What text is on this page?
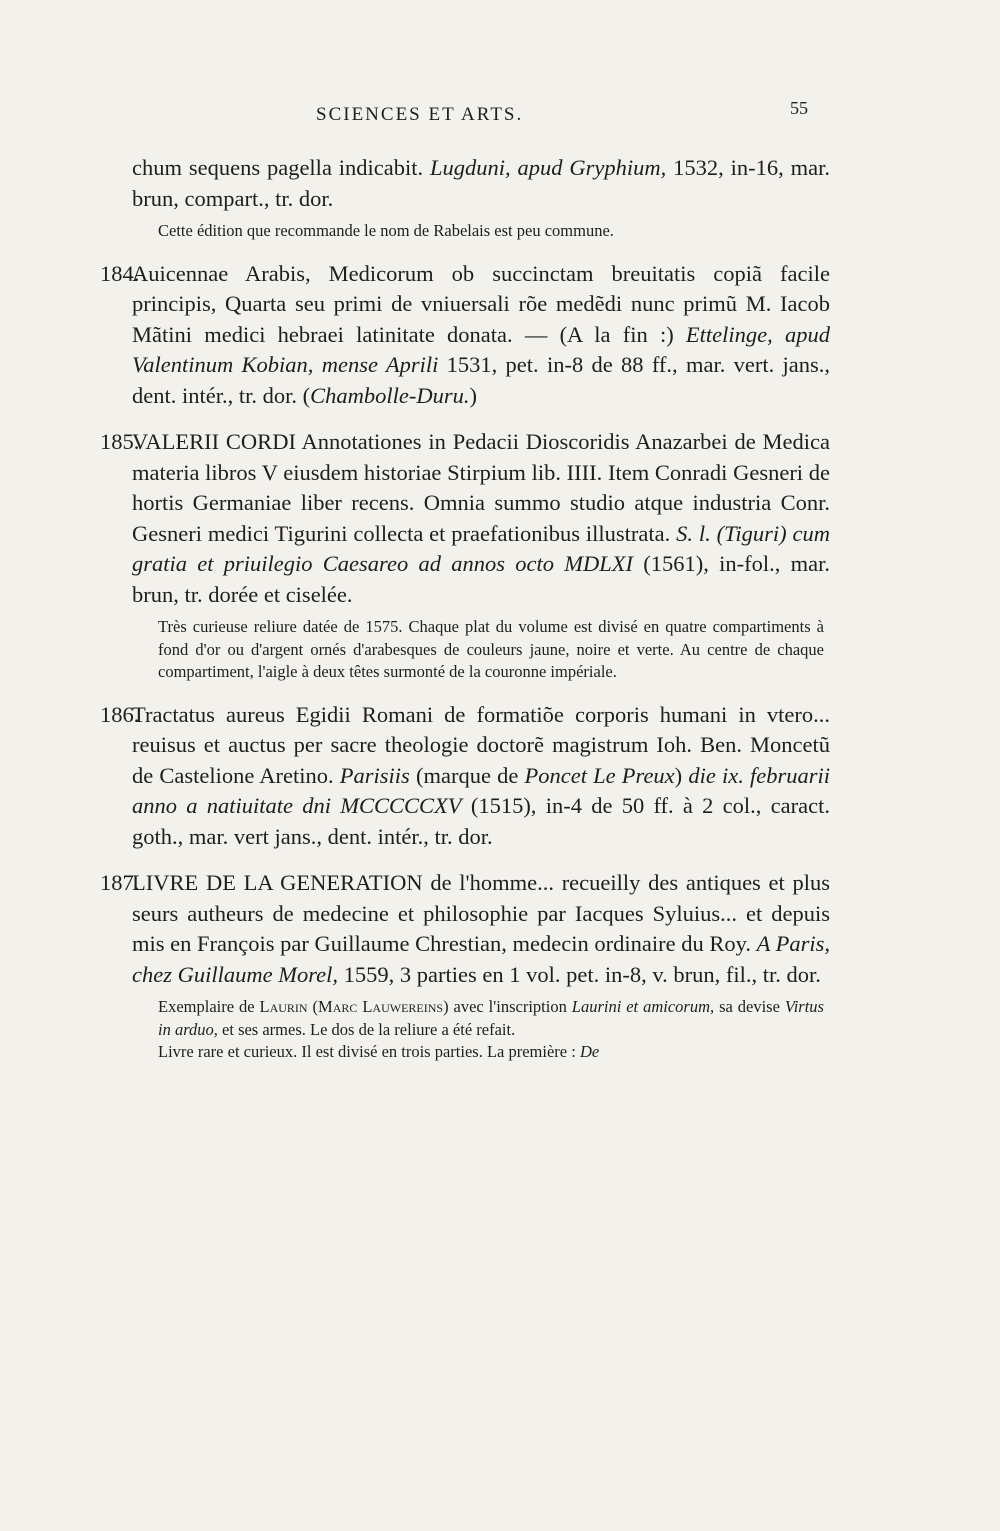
SCIENCES ET ARTS.	55

chum sequens pagella indicabit. Lugduni, apud Gryphium, 1532, in-16, mar. brun, compart., tr. dor.

Cette édition que recommande le nom de Rabelais est peu commune.

184.Auicennae Arabis, Medicorum ob succinctam breuitatis copiã facile principis, Quarta seu primi de vniuersali rõe medẽdi nunc primũ M. Iacob Mãtini medici hebraei latinitate donata. — (A la fin :) Ettelinge, apud Valentinum Kobian, mense Aprili 1531, pet. in-8 de 88 ff., mar. vert. jans., dent. intér., tr. dor. (Chambolle-Duru.)

185.VALERII CORDI Annotationes in Pedacii Dioscoridis Anazarbei de Medica materia libros V eiusdem historiae Stirpium lib. IIII. Item Conradi Gesneri de hortis Germaniae liber recens. Omnia summo studio atque industria Conr. Gesneri medici Tigurini collecta et praefationibus illustrata. S. l. (Tiguri) cum gratia et priuilegio Caesareo ad annos octo MDLXI (1561), in-fol., mar. brun, tr. dorée et ciselée.

Très curieuse reliure datée de 1575. Chaque plat du volume est divisé en quatre compartiments à fond d'or ou d'argent ornés d'arabesques de couleurs jaune, noire et verte. Au centre de chaque compartiment, l'aigle à deux têtes surmonté de la couronne impériale.

186.Tractatus aureus Egidii Romani de formatiõe corporis humani in vtero... reuisus et auctus per sacre theologie doctorẽ magistrum Ioh. Ben. Moncetũ de Castelione Aretino. Parisiis (marque de Poncet Le Preux) die ix. februarii anno a natiuitate dni MCCCCCXV (1515), in-4 de 50 ff. à 2 col., caract. goth., mar. vert jans., dent. intér., tr. dor.

187.LIVRE DE LA GENERATION de l'homme... recueilly des antiques et plus seurs autheurs de medecine et philosophie par Iacques Syluius... et depuis mis en François par Guillaume Chrestian, medecin ordinaire du Roy. A Paris, chez Guillaume Morel, 1559, 3 parties en 1 vol. pet. in-8, v. brun, fil., tr. dor.

Exemplaire de Laurin (Marc Lauwereins) avec l'inscription Laurini et amicorum, sa devise Virtus in arduo, et ses armes. Le dos de la reliure a été refait.

Livre rare et curieux. Il est divisé en trois parties. La première : De
